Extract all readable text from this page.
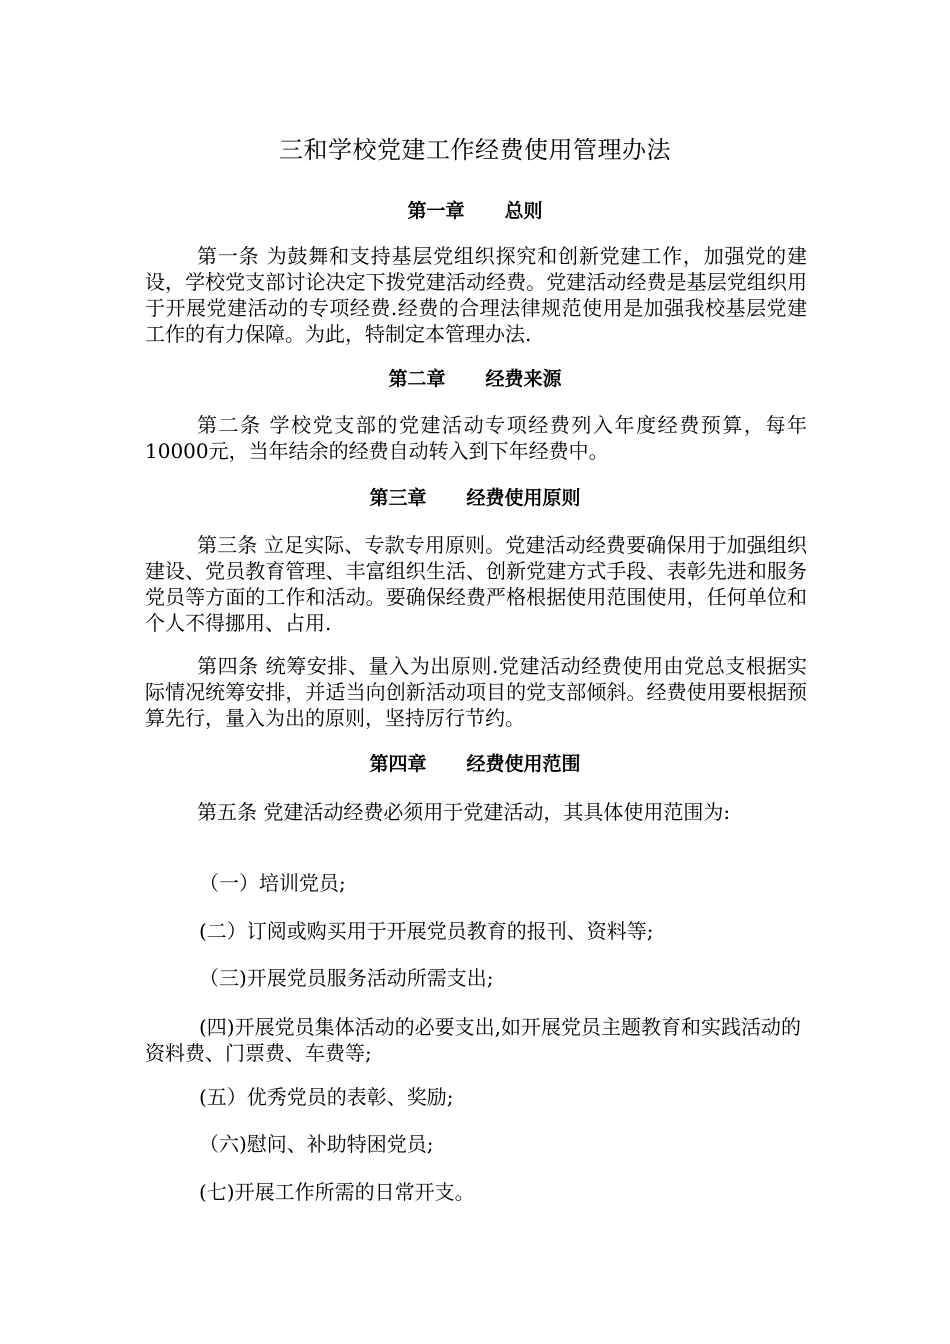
三和学校党建工作经费使用管理办法
第一章 总则
第一条 为鼓舞和支持基层党组织探究和创新党建工作，加强党的建设，学校党支部讨论决定下拨党建活动经费。党建活动经费是基层党组织用于开展党建活动的专项经费.经费的合理法律规范使用是加强我校基层党建工作的有力保障。为此，特制定本管理办法.
第二章 经费来源
第二条 学校党支部的党建活动专项经费列入年度经费预算，每年10000元，当年结余的经费自动转入到下年经费中。
第三章 经费使用原则
第三条 立足实际、专款专用原则。党建活动经费要确保用于加强组织建设、党员教育管理、丰富组织生活、创新党建方式手段、表彰先进和服务党员等方面的工作和活动。要确保经费严格根据使用范围使用，任何单位和个人不得挪用、占用.
第四条 统筹安排、量入为出原则.党建活动经费使用由党总支根据实际情况统筹安排，并适当向创新活动项目的党支部倾斜。经费使用要根据预算先行，量入为出的原则，坚持厉行节约。
第四章 经费使用范围
第五条 党建活动经费必须用于党建活动，其具体使用范围为:
（一）培训党员;
(二）订阅或购买用于开展党员教育的报刊、资料等;
（三)开展党员服务活动所需支出;
(四)开展党员集体活动的必要支出,如开展党员主题教育和实践活动的资料费、门票费、车费等;
(五）优秀党员的表彰、奖励;
（六)慰问、补助特困党员;
(七)开展工作所需的日常开支。
